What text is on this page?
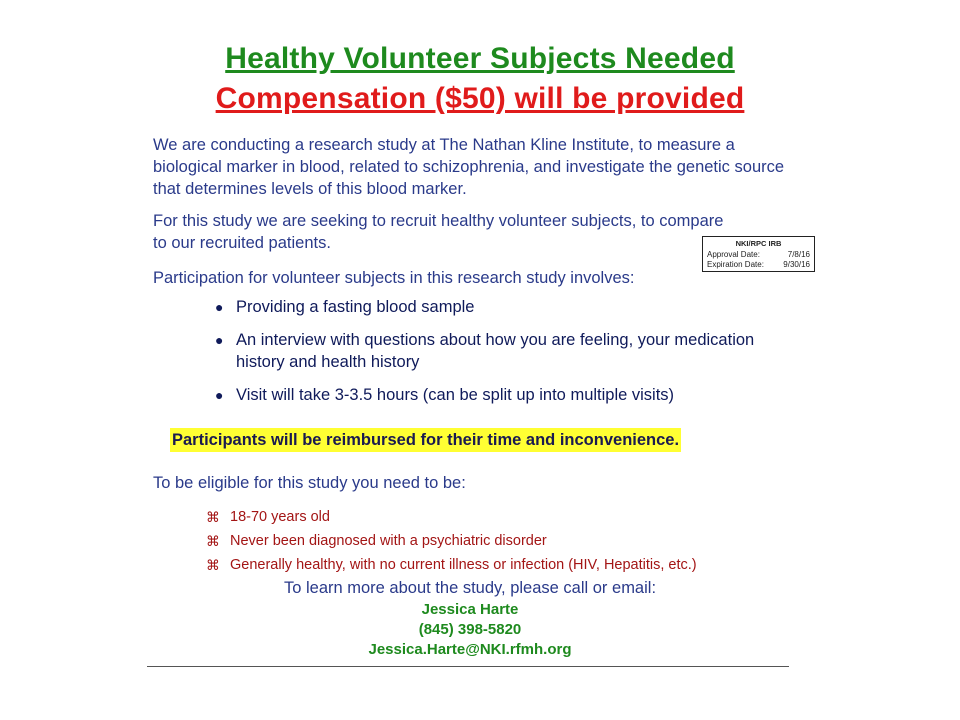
Healthy Volunteer Subjects Needed
Compensation ($50) will be provided
We are conducting a research study at The Nathan Kline Institute, to measure a biological marker in blood, related to schizophrenia, and investigate the genetic source that determines levels of this blood marker.
For this study we are seeking to recruit healthy volunteer subjects, to compare to our recruited patients.
Participation for volunteer subjects in this research study involves:
NKI/RPC IRB
Approval Date:	7/8/16
Expiration Date: 9/30/16
● Providing a fasting blood sample
● An interview with questions about how you are feeling, your medication history and health history
● Visit will take 3-3.5 hours (can be split up into multiple visits)
Participants will be reimbursed for their time and inconvenience.
To be eligible for this study you need to be:
⌘ 18-70 years old
⌘ Never been diagnosed with a psychiatric disorder
⌘ Generally healthy, with no current illness or infection (HIV, Hepatitis, etc.)
To learn more about the study, please call or email:
Jessica Harte
(845) 398-5820
Jessica.Harte@NKI.rfmh.org
